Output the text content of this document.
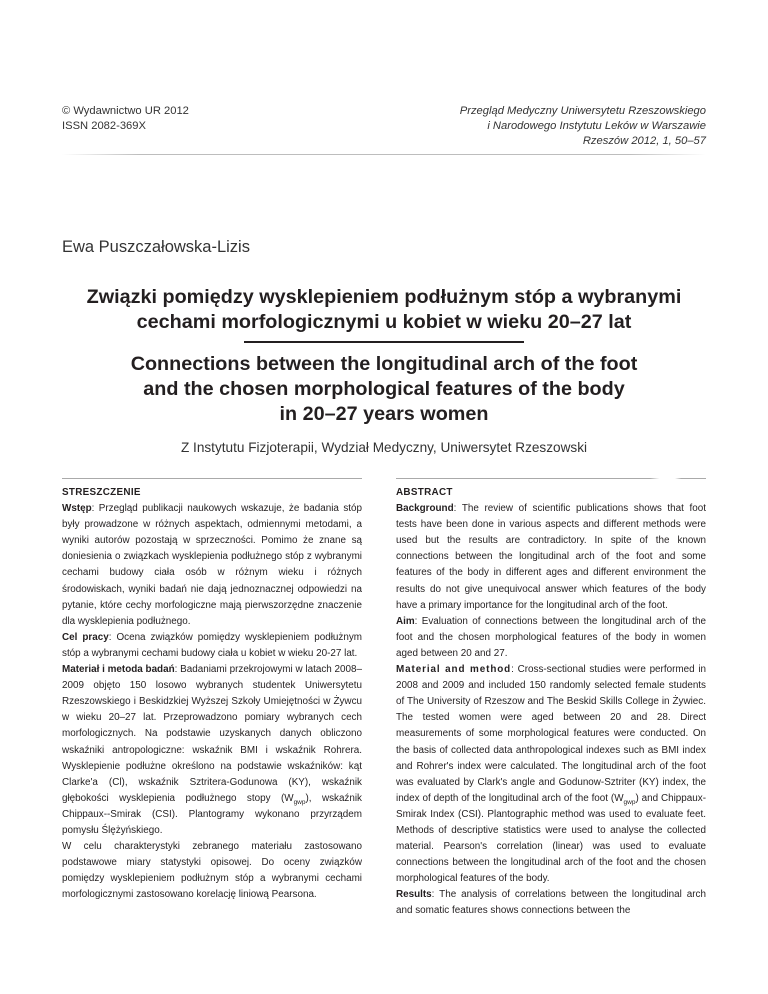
© Wydawnictwo UR 2012
ISSN 2082-369X
Przegląd Medyczny Uniwersytetu Rzeszowskiego
i Narodowego Instytutu Leków w Warszawie
Rzeszów 2012, 1, 50–57
Ewa Puszczałowska-Lizis
Związki pomiędzy wysklepieniem podłużnym stóp a wybranymi
cechami morfologicznymi u kobiet w wieku 20–27 lat
Connections between the longitudinal arch of the foot
and the chosen morphological features of the body
in 20–27 years women
Z Instytutu Fizjoterapii, Wydział Medyczny, Uniwersytet Rzeszowski
STRESZCZENIE

Wstęp: Przegląd publikacji naukowych wskazuje, że badania stóp były prowadzone w różnych aspektach, odmiennymi metodami, a wyniki autorów pozostają w sprzeczności. Pomimo że znane są doniesienia o związkach wysklepienia podłużnego stóp z wybranymi cechami budowy ciała osób w różnym wieku i różnych środowiskach, wyniki badań nie dają jednoznacznej odpowiedzi na pytanie, które cechy morfologiczne mają pierwszorzędne znaczenie dla wysklepienia podłużnego.

Cel pracy: Ocena związków pomiędzy wysklepieniem podłużnym stóp a wybranymi cechami budowy ciała u kobiet w wieku 20-27 lat.

Materiał i metoda badań: Badaniami przekrojowymi w latach 2008–2009 objęto 150 losowo wybranych studentek Uniwersytetu Rzeszowskiego i Beskidzkiej Wyższej Szkoły Umiejętności w Żywcu w wieku 20–27 lat. Przeprowadzono pomiary wybranych cech morfologicznych. Na podstawie uzyskanych danych obliczono wskaźniki antropologiczne: wskaźnik BMI i wskaźnik Rohrera. Wysklepienie podłużne określono na podstawie wskaźników: kąt Clarke'a (Cl), wskaźnik Sztritera-Godunowa (KY), wskaźnik głębokości wysklepienia podłużnego stopy $(W_{gwp})$, wskaźnik Chippaux--Smirak (CSI). Plantogramy wykonano przyrządem pomysłu Ślężyńskiego.

W celu charakterystyki zebranego materiału zastosowano podstawowe miary statystyki opisowej. Do oceny związków pomiędzy wysklepieniem podłużnym stóp a wybranymi cechami morfologicznymi zastosowano korelację liniową Pearsona.

ABSTRACT

Background: The review of scientific publications shows that foot tests have been done in various aspects and different methods were used but the results are contradictory. In spite of the known connections between the longitudinal arch of the foot and some features of the body in different ages and different environment the results do not give unequivocal answer which features of the body have a primary importance for the longitudinal arch of the foot.

Aim: Evaluation of connections between the longitudinal arch of the foot and the chosen morphological features of the body in women aged between 20 and 27.

Material and method: Cross-sectional studies were performed in 2008 and 2009 and included 150 randomly selected female students of The University of Rzeszow and The Beskid Skills College in Żywiec. The tested women were aged between 20 and 28. Direct measurements of some morphological features were conducted. On the basis of collected data anthropological indexes such as BMI index and Rohrer's index were calculated. The longitudinal arch of the foot was evaluated by Clark's angle and Godunow-Sztriter (KY) index, the index of depth of the longitudinal arch of the foot $(W_{gwp})$ and Chippaux-Smirak Index (CSI). Plantographic method was used to evaluate feet. Methods of descriptive statistics were used to analyse the collected material. Pearson's correlation (linear) was used to evaluate connections between the longitudinal arch of the foot and the chosen morphological features of the body.

Results: The analysis of correlations between the longitudinal arch and somatic features shows connections between the
